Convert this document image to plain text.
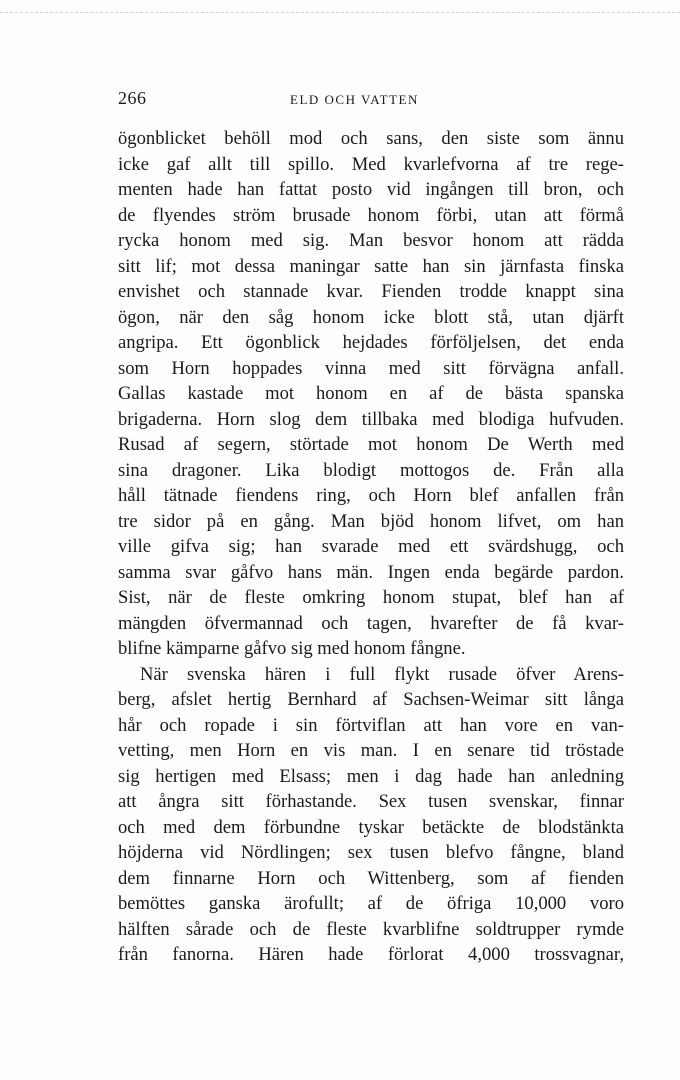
266	ELD OCH VATTEN
ögonblicket behöll mod och sans, den siste som ännu
icke gaf allt till spillo. Med kvarlefvorna af tre rege-
menten hade han fattat posto vid ingången till bron, och
de flyendes ström brusade honom förbi, utan att förmå
rycka honom med sig. Man besvor honom att rädda
sitt lif; mot dessa maningar satte han sin järnfasta finska
envishet och stannade kvar. Fienden trodde knappt sina
ögon, när den såg honom icke blott stå, utan djärft
angripa. Ett ögonblick hejdades förföljelsen, det enda
som Horn hoppades vinna med sitt förvägna anfall.
Gallas kastade mot honom en af de bästa spanska
brigaderna. Horn slog dem tillbaka med blodiga hufvuden.
Rusad af segern, störtade mot honom De Werth med
sina dragoner. Lika blodigt mottogos de. Från alla
håll tätnade fiendens ring, och Horn blef anfallen från
tre sidor på en gång. Man bjöd honom lifvet, om han
ville gifva sig; han svarade med ett svärdshugg, och
samma svar gåfvo hans män. Ingen enda begärde pardon.
Sist, när de fleste omkring honom stupat, blef han af
mängden öfvermannad och tagen, hvarefter de få kvar-
blifne kämparne gåfvo sig med honom fångne.
När svenska hären i full flykt rusade öfver Arens-
berg, afslet hertig Bernhard af Sachsen-Weimar sitt långa
hår och ropade i sin förtviflan att han vore en van-
vetting, men Horn en vis man. I en senare tid tröstade
sig hertigen med Elsass; men i dag hade han anledning
att ångra sitt förhastande. Sex tusen svenskar, finnar
och med dem förbundne tyskar betäckte de blodstänkta
höjderna vid Nördlingen; sex tusen blefvo fångne, bland
dem finnarne Horn och Wittenberg, som af fienden
bemöttes ganska ärofullt; af de öfriga 10,000 voro
hälften sårade och de fleste kvarblifne soldtrupper rymde
från fanorna. Hären hade förlorat 4,000 trossvagnar,
